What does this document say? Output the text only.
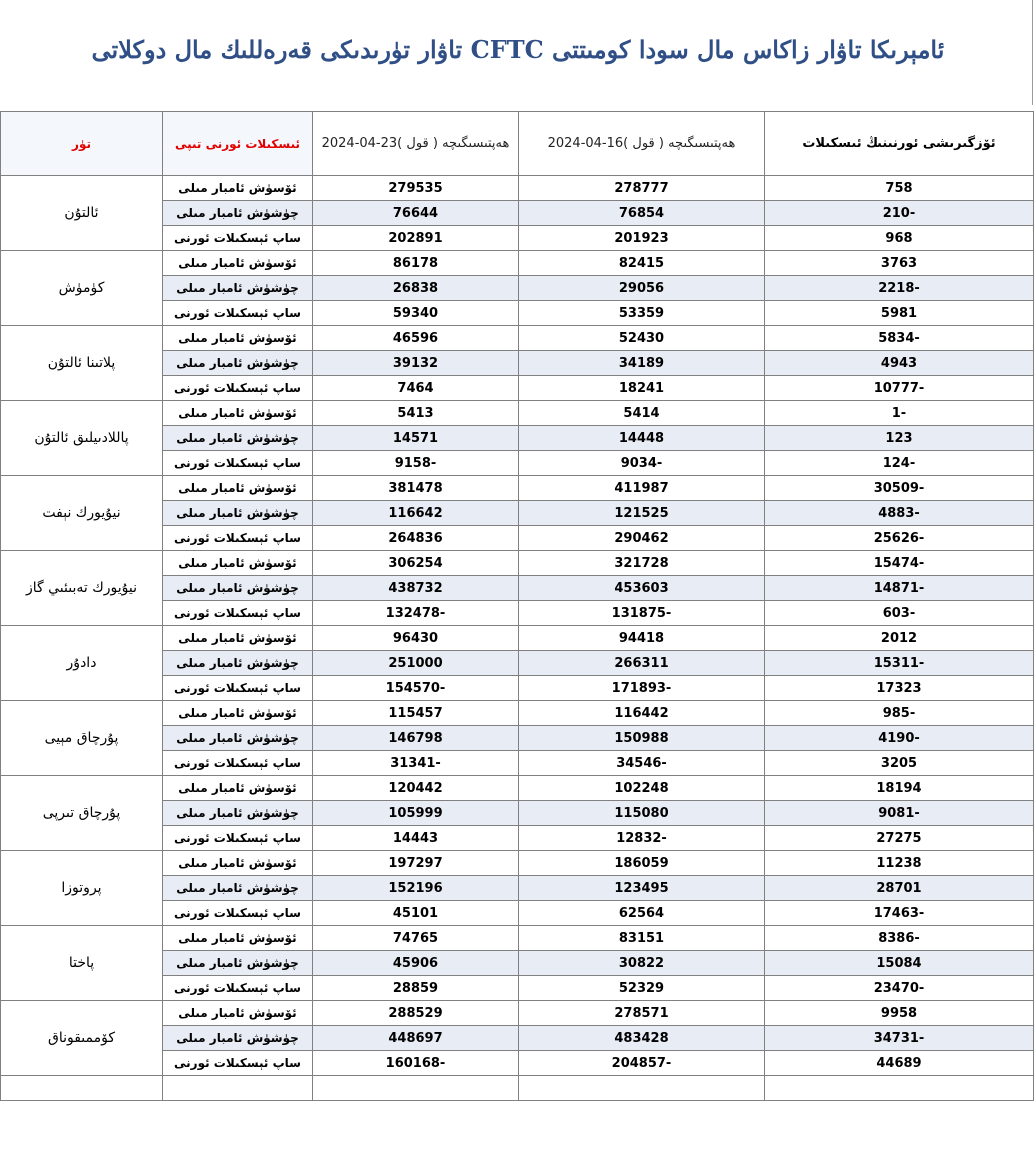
ئامېرىكا تاۋار زاكاس مال سودا كومىتتى CFTC تاۋار تۈرىدىكى قەرەللىك مال دوكلاتى
تۈر	ئىسكىلات ئورنى تىپى	2024-04-23ھەپتىسىگىچە ( قول )	2024-04-16ھەپتىسىگىچە ( قول )	ئۆزگىرىشى ئورنىنىڭ ئىسكىلات
ئالتۇن	ئۆسۈش ئامبار مىلى	279535	278777	758
	چۈشۈش ئامبار مىلى	76644	76854	210-
	ساپ ئېسكىلات ئورنى	202891	201923	968
كۈمۈش	ئۆسۈش ئامبار مىلى	86178	82415	3763
	چۈشۈش ئامبار مىلى	26838	29056	2218-
	ساپ ئېسكىلات ئورنى	59340	53359	5981
پلاتىنا ئالتۇن	ئۆسۈش ئامبار مىلى	46596	52430	5834-
	چۈشۈش ئامبار مىلى	39132	34189	4943
	ساپ ئېسكىلات ئورنى	7464	18241	10777-
پاللادىيلىق ئالتۇن	ئۆسۈش ئامبار مىلى	5413	5414	1-
	چۈشۈش ئامبار مىلى	14571	14448	123
	ساپ ئېسكىلات ئورنى	9158-	9034-	124-
نيۇيورك نېفت	ئۆسۈش ئامبار مىلى	381478	411987	30509-
	چۈشۈش ئامبار مىلى	116642	121525	4883-
	ساپ ئېسكىلات ئورنى	264836	290462	25626-
نيۇيورك تەبىئىي گاز	ئۆسۈش ئامبار مىلى	306254	321728	15474-
	چۈشۈش ئامبار مىلى	438732	453603	14871-
	ساپ ئېسكىلات ئورنى	132478-	131875-	603-
دادۇر	ئۆسۈش ئامبار مىلى	96430	94418	2012
	چۈشۈش ئامبار مىلى	251000	266311	15311-
	ساپ ئېسكىلات ئورنى	154570-	171893-	17323
پۇرچاق مېيى	ئۆسۈش ئامبار مىلى	115457	116442	985-
	چۈشۈش ئامبار مىلى	146798	150988	4190-
	ساپ ئېسكىلات ئورنى	31341-	34546-	3205
پۇرچاق تىرپى	ئۆسۈش ئامبار مىلى	120442	102248	18194
	چۈشۈش ئامبار مىلى	105999	115080	9081-
	ساپ ئېسكىلات ئورنى	14443	12832-	27275
پروتوزا	ئۆسۈش ئامبار مىلى	197297	186059	11238
	چۈشۈش ئامبار مىلى	152196	123495	28701
	ساپ ئېسكىلات ئورنى	45101	62564	17463-
پاختا	ئۆسۈش ئامبار مىلى	74765	83151	8386-
	چۈشۈش ئامبار مىلى	45906	30822	15084
	ساپ ئېسكىلات ئورنى	28859	52329	23470-
كۆممىقوناق	ئۆسۈش ئامبار مىلى	288529	278571	9958
	چۈشۈش ئامبار مىلى	448697	483428	34731-
	ساپ ئېسكىلات ئورنى	160168-	204857-	44689
